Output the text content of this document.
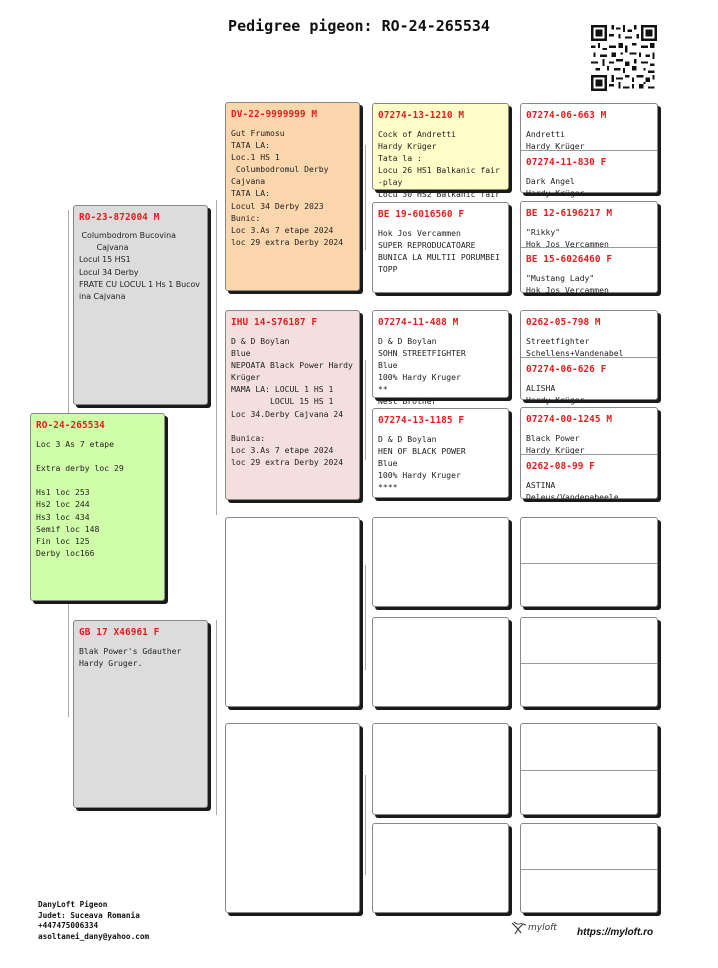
Pedigree pigeon: RO-24-265534
RO-24-265534
Loc 3 As 7 etape

Extra derby loc 29

Hs1 loc 253
Hs2 loc 244
Hs3 loc 434
Semif loc 148
Fin loc 125
Derby loc166
RO-23-872004 M
Columbodrom Bucovina
Cajvana
Locul 15 HS1
Locul 34 Derby
FRATE CU LOCUL 1 Hs 1 Bucovina Cajvana
GB 17 X46961 F
Blak Power's Gdauther
Hardy Gruger.
DV-22-9999999 M
Gut Frumosu
TATA LA:
Loc.1 HS 1
Columbodromul Derby
Cajvana
TATA LA:
Locul 34 Derby 2023
Bunic:
Loc 3.As 7 etape 2024
loc 29 extra Derby 2024
IHU 14-S76187 F
D & D Boylan
Blue
NEPOATA Black Power Hardy Krüger
MAMA LA: LOCUL 1 HS 1
LOCUL 15 HS 1
Loc 34.Derby Cajvana 24

Bunica:
Loc 3.As 7 etape 2024
loc 29 extra Derby 2024
07274-13-1210 M
Cock of Andretti
Hardy Krüger
Tata la :
Locu 26 HS1 Balkanic fair-play
Locu 30 HS2 Balkanic fair
BE 19-6016560 F
Hok Jos Vercammen
SUPER REPRODUCATOARE
BUNICA LA MULTII PORUMBEI TOPP
07274-11-488 M
D & D Boylan
SOHN STREETFIGHTER
Blue
100% Hardy Kruger
**
Nest Brother
07274-13-1185 F
D & D Boylan
HEN OF BLACK POWER
Blue
100% Hardy Kruger
****
--------------
07274-06-663 M
Andretti
Hardy Krüger
07274-11-830 F
Dark Angel
Hardy Krüger
BE 12-6196217 M
"Rikky"
Hok Jos Vercammen
BE 15-6026460 F
"Mustang Lady"
Hok Jos Vercammen
0262-05-798 M
Streetfighter
Schellens+Vandenabel
07274-06-626 F
ALISHA
Hardy Krüger
07274-00-1245 M
Black Power
Hardy Krüger
0262-08-99 F
ASTINA
Deleus/Vandenabeele
DanyLoft Pigeon
Judet: Suceava Romania
+447475006334
asoltanei_dany@yahoo.com
myloft https://myloft.ro
